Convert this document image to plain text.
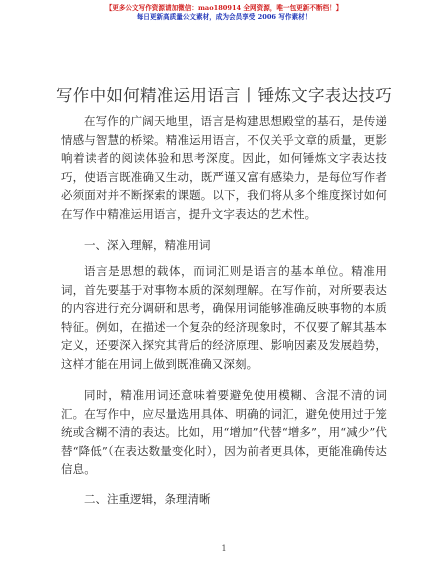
【更多公文写作资源请加微信：mao180914 全网资源，唯一包更新不断档！】
每日更新高质量公文素材，成为会员享受 2006 写作素材！
写作中如何精准运用语言丨锤炼文字表达技巧

在写作的广阔天地里，语言是构建思想殿堂的基石，是传递情感与智慧的桥梁。精准运用语言，不仅关乎文章的质量，更影响着读者的阅读体验和思考深度。因此，如何锤炼文字表达技巧，使语言既准确又生动，既严谨又富有感染力，是每位写作者必须面对并不断探索的课题。以下，我们将从多个维度探讨如何在写作中精准运用语言，提升文字表达的艺术性。

一、深入理解，精准用词

语言是思想的载体，而词汇则是语言的基本单位。精准用词，首先要基于对事物本质的深刻理解。在写作前，对所要表达的内容进行充分调研和思考，确保用词能够准确反映事物的本质特征。例如，在描述一个复杂的经济现象时，不仅要了解其基本定义，还要深入探究其背后的经济原理、影响因素及发展趋势，这样才能在用词上做到既准确又深刻。

同时，精准用词还意味着要避免使用模糊、含混不清的词汇。在写作中，应尽量选用具体、明确的词汇，避免使用过于笼统或含糊不清的表达。比如，用“增加”代替“增多”，用“减少”代替“降低”（在表达数量变化时），因为前者更具体，更能准确传达信息。

二、注重逻辑，条理清晰

1
